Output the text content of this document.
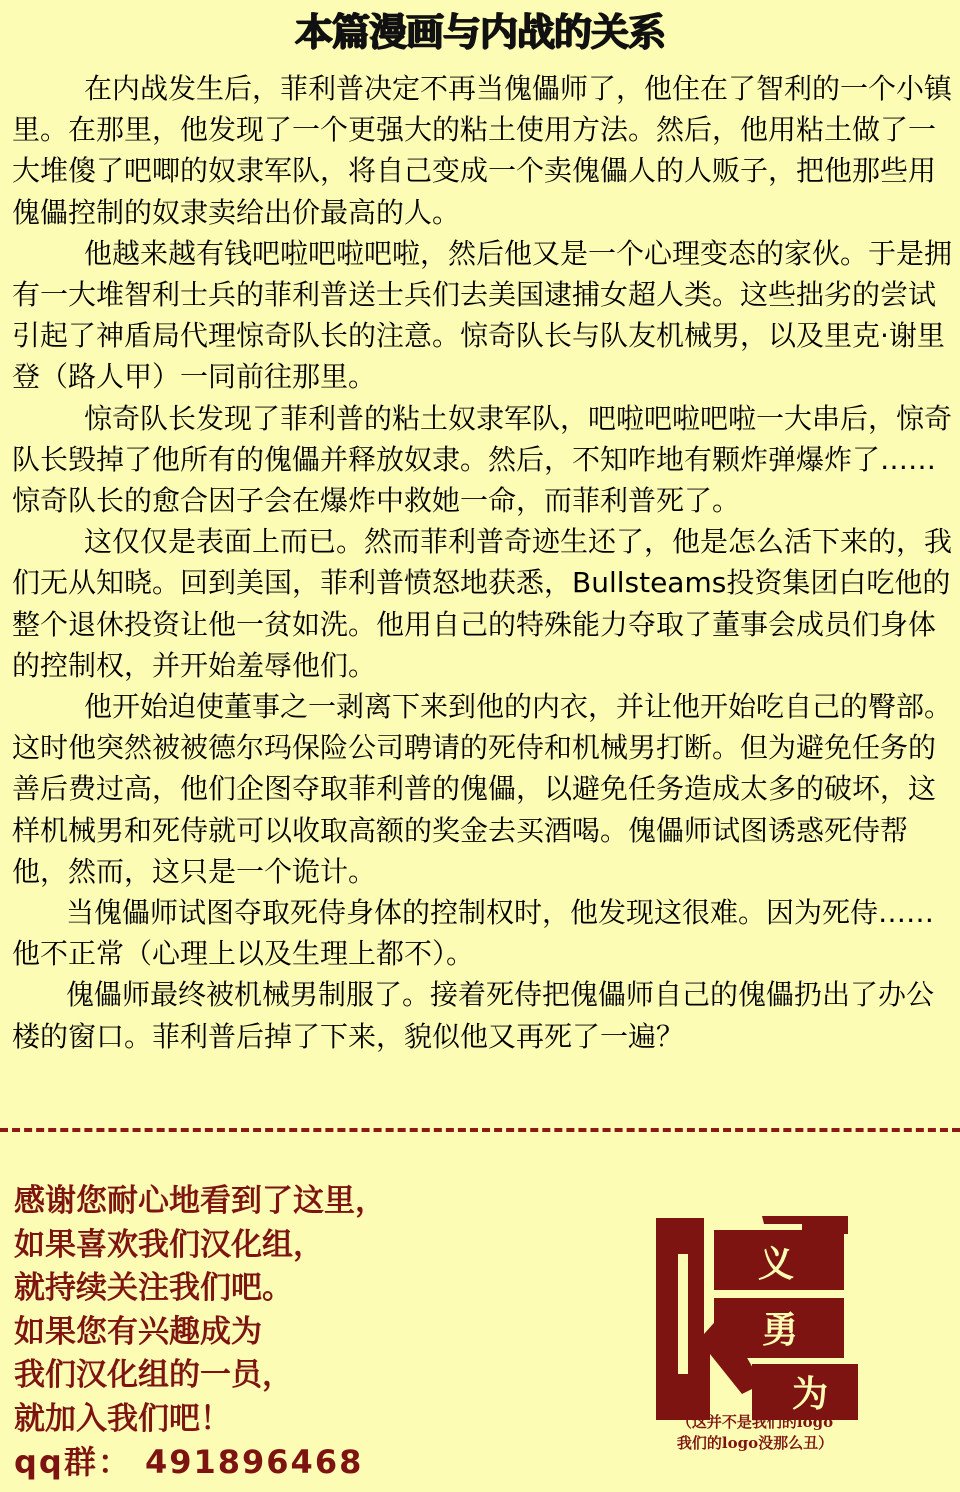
本篇漫画与内战的关系

在内战发生后，菲利普决定不再当傀儡师了，他住在了智利的一个小镇里。在那里，他发现了一个更强大的粘土使用方法。然后，他用粘土做了一大堆傻了吧唧的奴隶军队，将自己变成一个卖傀儡人的人贩子，把他那些用傀儡控制的奴隶卖给出价最高的人。

他越来越有钱吧啦吧啦吧啦，然后他又是一个心理变态的家伙。于是拥有一大堆智利士兵的菲利普送士兵们去美国逮捕女超人类。这些拙劣的尝试引起了神盾局代理惊奇队长的注意。惊奇队长与队友机械男，以及里克·谢里登（路人甲）一同前往那里。

惊奇队长发现了菲利普的粘土奴隶军队，吧啦吧啦吧啦一大串后，惊奇队长毁掉了他所有的傀儡并释放奴隶。然后，不知咋地有颗炸弹爆炸了……惊奇队长的愈合因子会在爆炸中救她一命，而菲利普死了。

这仅仅是表面上而已。然而菲利普奇迹生还了，他是怎么活下来的，我们无从知晓。回到美国，菲利普愤怒地获悉，Bullsteams投资集团白吃他的整个退休投资让他一贫如洗。他用自己的特殊能力夺取了董事会成员们身体的控制权，并开始羞辱他们。

他开始迫使董事之一剥离下来到他的内衣，并让他开始吃自己的臀部。这时他突然被被德尔玛保险公司聘请的死侍和机械男打断。但为避免任务的善后费过高，他们企图夺取菲利普的傀儡，以避免任务造成太多的破坏，这样机械男和死侍就可以收取高额的奖金去买酒喝。傀儡师试图诱惑死侍帮他，然而，这只是一个诡计。

当傀儡师试图夺取死侍身体的控制权时，他发现这很难。因为死侍……他不正常（心理上以及生理上都不）。

傀儡师最终被机械男制服了。接着死侍把傀儡师自己的傀儡扔出了办公楼的窗口。菲利普后掉了下来，貌似他又再死了一遍？

感谢您耐心地看到了这里，
如果喜欢我们汉化组，
就持续关注我们吧。
如果您有兴趣成为
我们汉化组的一员，
就加入我们吧！
qq群： 491896468
义
勇
为
（这并不是我们的logo
我们的logo没那么丑）
